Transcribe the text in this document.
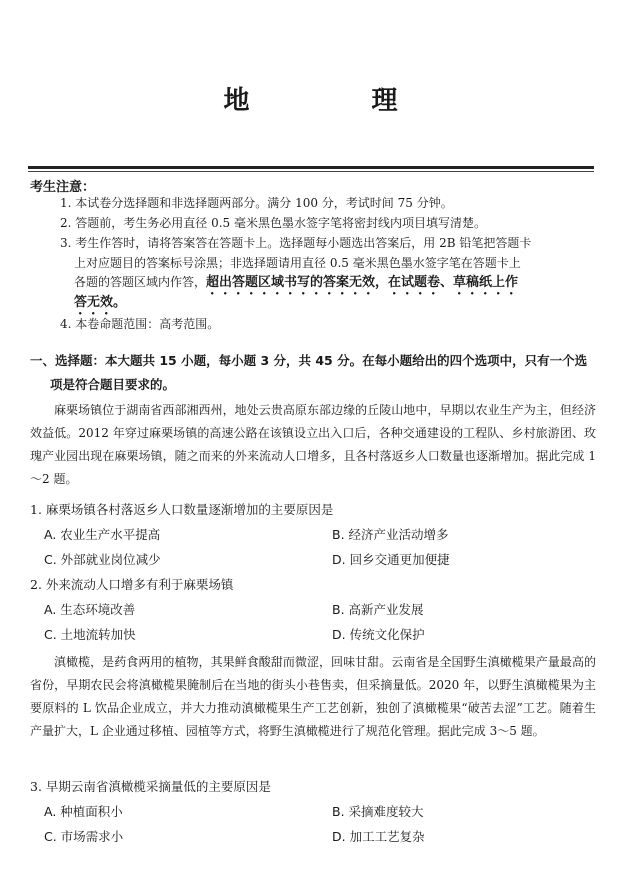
地　理
考生注意：
1. 本试卷分选择题和非选择题两部分。满分 100 分，考试时间 75 分钟。
2. 答题前，考生务必用直径 0.5 毫米黑色墨水签字笔将密封线内项目填写清楚。
3. 考生作答时，请将答案答在答题卡上。选择题每小题选出答案后，用 2B 铅笔把答题卡
上对应题目的答案标号涂黑；非选择题请用直径 0.5 毫米黑色墨水签字笔在答题卡上
各题的答题区域内作答，超出答题区域书写的答案无效，在试题卷、草稿纸上作
答无效。
4. 本卷命题范围：高考范围。
一、选择题：本大题共 15 小题，每小题 3 分，共 45 分。在每小题给出的四个选项中，只有一个选
项是符合题目要求的。

麻栗场镇位于湖南省西部湘西州，地处云贵高原东部边缘的丘陵山地中，早期以农业生产为主，但经济效益低。2012 年穿过麻栗场镇的高速公路在该镇设立出入口后，各种交通建设的工程队、乡村旅游团、玫瑰产业园出现在麻栗场镇，随之而来的外来流动人口增多，且各村落返乡人口数量也逐渐增加。据此完成 1～2 题。

1. 麻栗场镇各村落返乡人口数量逐渐增加的主要原因是
A. 农业生产水平提高	B. 经济产业活动增多
C. 外部就业岗位减少	D. 回乡交通更加便捷
2. 外来流动人口增多有利于麻栗场镇
A. 生态环境改善	B. 高新产业发展
C. 土地流转加快	D. 传统文化保护

滇橄榄，是药食两用的植物，其果鲜食酸甜而微涩，回味甘甜。云南省是全国野生滇橄榄果产量最高的省份，早期农民会将滇橄榄果腌制后在当地的街头小巷售卖，但采摘量低。2020 年，以野生滇橄榄果为主要原料的 L 饮品企业成立，并大力推动滇橄榄果生产工艺创新，独创了滇橄榄果“破苦去涩”工艺。随着生产量扩大，L 企业通过移植、园植等方式，将野生滇橄榄进行了规范化管理。据此完成 3～5 题。

3. 早期云南省滇橄榄采摘量低的主要原因是
A. 种植面积小	B. 采摘难度较大
C. 市场需求小	D. 加工工艺复杂
